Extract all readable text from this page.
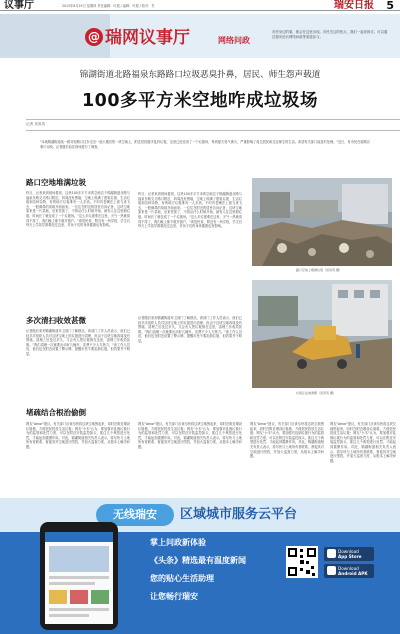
议事厅	2015年6月25日 星期四 责任编辑：叶遐 / 编辑：叶遐 / 校对：朱	瑞安日报 5
@ 瑞网议事厅	网络问政
市民身边的事，都会在这里出现。市民关注的热点，我们一起来探讨。可以通过瑞安论坛网络问政等渠道参与。
锦湖街道北路福泉东路路口垃圾恶臭扑鼻，居民、师生怨声载道
100多平方米空地咋成垃圾场
记者 吴凤英
"本地锦湖街道某一路对面路口往东走至一座大楼后的一块空地上，附近居民随手乱扔垃圾，这里已经变成了一个垃圾场，每到夏天臭气熏天，严重影响了周边居民和过往师生的生活。希望有关部门能及时处理。"近日，有市民在瑞网议事厅反映。记者随后前往现场进行了调查。
路口空地堆满垃圾
昨日，记者来到现场看到，这块100多平方米的空地位于锦湖街道北路与福泉东路交叉路口附近，四周没有围墙，空地上堆满了建筑垃圾、生活垃圾和各种杂物，有的地方垃圾堆有一人多高。不时有苍蝇在上面飞来飞去，一股刺鼻的臭味扑面而来。一位住在附近的居民告诉记者，这块空地原来是一片菜地，后来荒废了，不知从什么时候开始，就有人往这里倒垃圾，时间长了就变成了一个垃圾场。"这么多垃圾堆在这里，天气一热就臭得不得了，我们晚上都不敢开窗户。"该居民说，附近有一所学校，学生们每天上学放学都要经过这里，对孩子们的身体健康也有影响。
多次清扫收效甚微
记者随后来到锦湖街道环卫部门了解情况。该部门工作人员表示，他们已经多次组织人员对这块空地上的垃圾进行清理，但由于这块空地四周没有围墙，清理之后没过多久，又会有人把垃圾倒在这里，清理工作收效甚微。"我们清理一次就要出动好几辆车，花费不少人力物力。"该工作人员说，他们也在附近设置了警示牌，提醒市民不要乱倒垃圾，但效果并不明显。
堵疏结合根治偷倒
昨日，记者来到现场看到，这块100多平方米的空地位于锦湖街道北路与福泉东路交叉路口附近，四周没有围墙，空地上堆满了建筑垃圾、生活垃圾和各种杂物，有的地方垃圾堆有一人多高。不时有苍蝇在上面飞来飞去，一股刺鼻的臭味扑面而来。一位住在附近的居民告诉记者，这块空地原来是一片菜地，后来荒废了，不知从什么时候开始，就有人往这里倒垃圾，时间长了就变成了一个垃圾场。"这么多垃圾堆在这里，天气一热就臭得不得了，我们晚上都不敢开窗户。"该居民说，附近有一所学校，学生们每天上学放学都要经过这里，对孩子们的身体健康也有影响。
记者随后来到锦湖街道环卫部门了解情况。该部门工作人员表示，他们已经多次组织人员对这块空地上的垃圾进行清理，但由于这块空地四周没有围墙，清理之后没过多久，又会有人把垃圾倒在这里，清理工作收效甚微。"我们清理一次就要出动好几辆车，花费不少人力物力。"该工作人员说，他们也在附近设置了警示牌，提醒市民不要乱倒垃圾，但效果并不明显。
网友"Amor"建议，有关部门应该尽快将这块空地围起来，同时在附近增设垃圾箱，方便居民投放生活垃圾；网友"小木"认为，要加强对乱倒垃圾行为的监管和处罚力度，可以在附近安装监控探头，抓住几个典型进行处罚，才能起到震慑作用。对此，锦湖街道相关负责人表示，将尽快与土地所有者联系，督促其对空地进行围挡，并加大巡查力度，从根本上解决问题。
网友"Amor"建议，有关部门应该尽快将这块空地围起来，同时在附近增设垃圾箱，方便居民投放生活垃圾；网友"小木"认为，要加强对乱倒垃圾行为的监管和处罚力度，可以在附近安装监控探头，抓住几个典型进行处罚，才能起到震慑作用。对此，锦湖街道相关负责人表示，将尽快与土地所有者联系，督促其对空地进行围挡，并加大巡查力度，从根本上解决问题。
网友"Amor"建议，有关部门应该尽快将这块空地围起来，同时在附近增设垃圾箱，方便居民投放生活垃圾；网友"小木"认为，要加强对乱倒垃圾行为的监管和处罚力度，可以在附近安装监控探头，抓住几个典型进行处罚，才能起到震慑作用。对此，锦湖街道相关负责人表示，将尽快与土地所有者联系，督促其对空地进行围挡，并加大巡查力度，从根本上解决问题。
网友"Amor"建议，有关部门应该尽快将这块空地围起来，同时在附近增设垃圾箱，方便居民投放生活垃圾；网友"小木"认为，要加强对乱倒垃圾行为的监管和处罚力度，可以在附近安装监控探头，抓住几个典型进行处罚，才能起到震慑作用。对此，锦湖街道相关负责人表示，将尽快与土地所有者联系，督促其对空地进行围挡，并加大巡查力度，从根本上解决问题。
路口空地上堆满垃圾（吴凤英 摄）
垃圾正在被清理（吴凤英 摄）
无线瑞安	区域城市服务云平台
掌上问政新体验
《头条》精选最有温度新闻
您的贴心生活助理
让您畅行瑞安
Download
App Store
Download
Android APK
